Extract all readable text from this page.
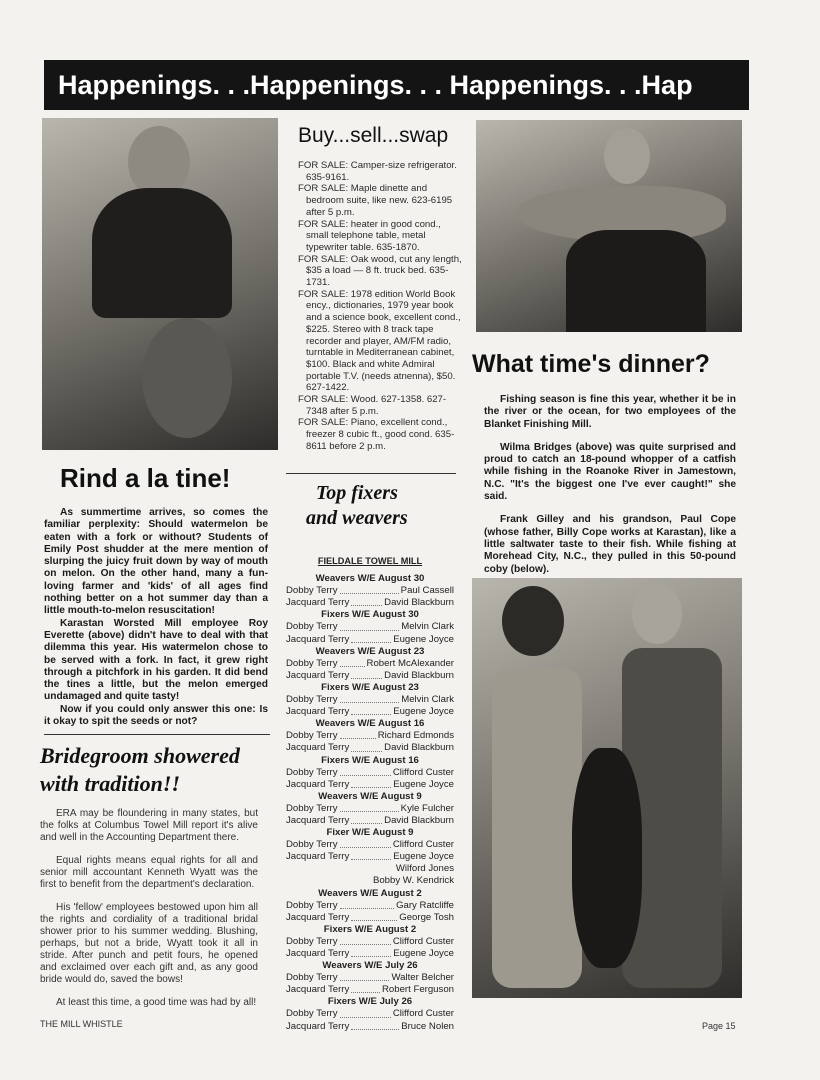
Happenings. . .Happenings. . . Happenings. . .Hap
Buy...sell...swap
FOR SALE: Camper-size refrigerator. 635-9161.
FOR SALE: Maple dinette and bedroom suite, like new. 623-6195 after 5 p.m.
FOR SALE: heater in good cond., small telephone table, metal typewriter table. 635-1870.
FOR SALE: Oak wood, cut any length, $35 a load — 8 ft. truck bed. 635-1731.
FOR SALE: 1978 edition World Book ency., dictionaries, 1979 year book and a science book, excellent cond., $225. Stereo with 8 track tape recorder and player, AM/FM radio, turntable in Mediterranean cabinet, $100. Black and white Admiral portable T.V. (needs atnenna), $50. 627-1422.
FOR SALE: Wood. 627-1358. 627-7348 after 5 p.m.
FOR SALE: Piano, excellent cond., freezer 8 cubic ft., good cond. 635-8611 before 2 p.m.
Rind a la tine!

As summertime arrives, so comes the familiar perplexity: Should watermelon be eaten with a fork or without? Students of Emily Post shudder at the mere mention of slurping the juicy fruit down by way of mouth on melon. On the other hand, many a fun-loving farmer and 'kids' of all ages find nothing better on a hot summer day than a little mouth-to-melon resuscitation!

Karastan Worsted Mill employee Roy Everette (above) didn't have to deal with that dilemma this year. His watermelon chose to be served with a fork. In fact, it grew right through a pitchfork in his garden. It did bend the tines a little, but the melon emerged undamaged and quite tasty!

Now if you could only answer this one: Is it okay to spit the seeds or not?

Bridegroom showered
with tradition!!

ERA may be floundering in many states, but the folks at Columbus Towel Mill report it's alive and well in the Accounting Department there.

Equal rights means equal rights for all and senior mill accountant Kenneth Wyatt was the first to benefit from the department's declaration.

His 'fellow' employees bestowed upon him all the rights and cordiality of a traditional bridal shower prior to his summer wedding. Blushing, perhaps, but not a bride, Wyatt took it all in stride. After punch and petit fours, he opened and exclaimed over each gift and, as any good bride would do, saved the bows!

At least this time, a good time was had by all!

Top fixers
and weavers
FIELDALE TOWEL MILL
Weavers W/E August 30
Dobby Terry	Paul Cassell
Jacquard Terry	David Blackburn
Fixers W/E August 30
Dobby Terry	Melvin Clark
Jacquard Terry	Eugene Joyce
Weavers W/E August 23
Dobby Terry	Robert McAlexander
Jacquard Terry	David Blackburn
Fixers W/E August 23
Dobby Terry	Melvin Clark
Jacquard Terry	Eugene Joyce
Weavers W/E August 16
Dobby Terry	Richard Edmonds
Jacquard Terry	David Blackburn
Fixers W/E August 16
Dobby Terry	Clifford Custer
Jacquard Terry	Eugene Joyce
Weavers W/E August 9
Dobby Terry	Kyle Fulcher
Jacquard Terry	David Blackburn
Fixer W/E August 9
Dobby Terry	Clifford Custer
Jacquard Terry	Eugene Joyce
Wilford Jones
Bobby W. Kendrick
Weavers W/E August 2
Dobby Terry	Gary Ratcliffe
Jacquard Terry	George Tosh
Fixers W/E August 2
Dobby Terry	Clifford Custer
Jacquard Terry	Eugene Joyce
Weavers W/E July 26
Dobby Terry	Walter Belcher
Jacquard Terry	Robert Ferguson
Fixers W/E July 26
Dobby Terry	Clifford Custer
Jacquard Terry	Bruce Nolen
What time's dinner?

Fishing season is fine this year, whether it be in the river or the ocean, for two employees of the Blanket Finishing Mill.

Wilma Bridges (above) was quite surprised and proud to catch an 18-pound whopper of a catfish while fishing in the Roanoke River in Jamestown, N.C. "It's the biggest one I've ever caught!" she said.

Frank Gilley and his grandson, Paul Cope (whose father, Billy Cope works at Karastan), like a little saltwater taste to their fish. While fishing at Morehead City, N.C., they pulled in this 50-pound coby (below).

THE MILL WHISTLE	Page 15
